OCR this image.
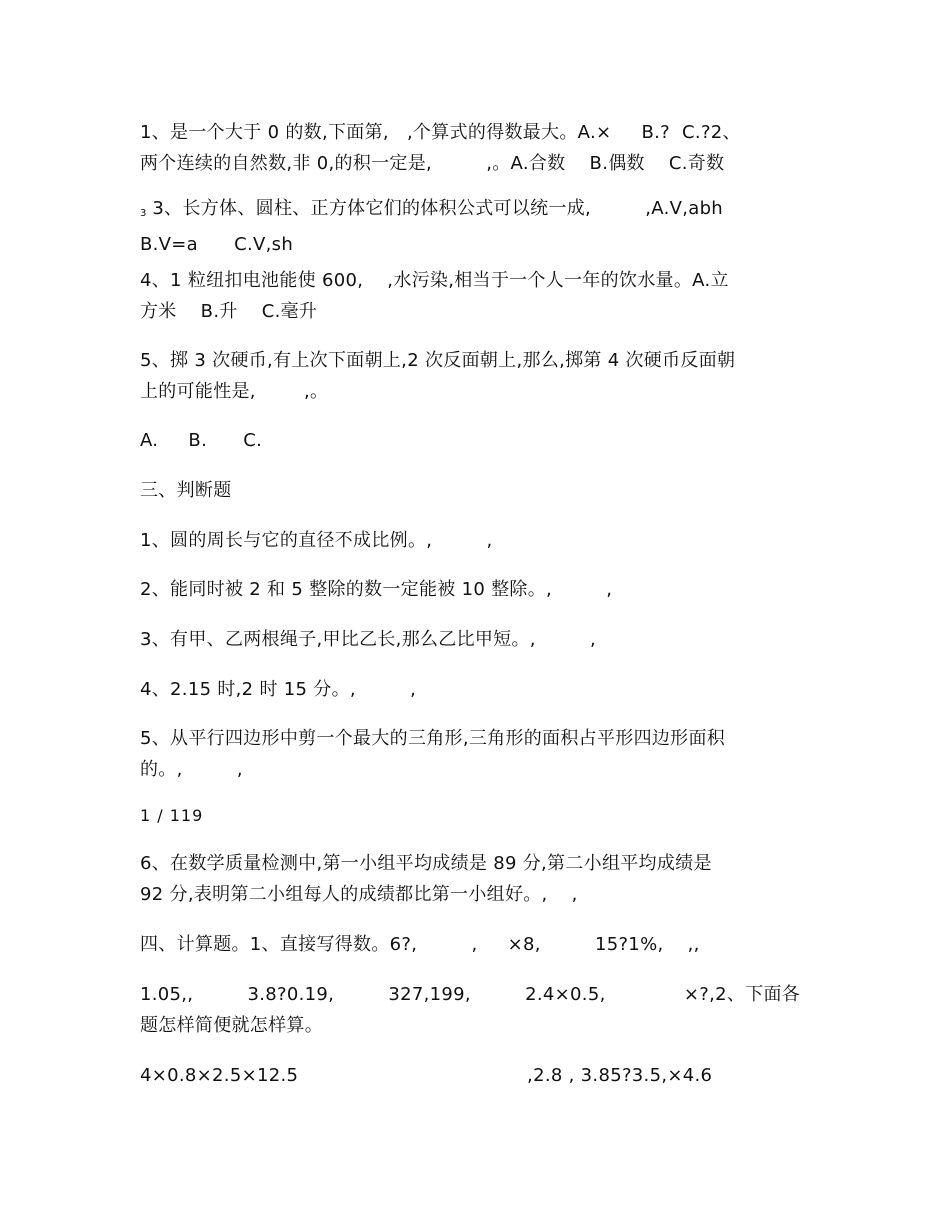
1、是一个大于 0 的数,下面第,   ,个算式的得数最大。A.×     B.?  C.?2、
两个连续的自然数,非 0,的积一定是,         ,。A.合数    B.偶数    C.奇数

3 3、长方体、圆柱、正方体它们的体积公式可以统一成,         ,A.V,abh
B.V=a      C.V,sh

4、1 粒纽扣电池能使 600,    ,水污染,相当于一个人一年的饮水量。A.立
方米    B.升    C.毫升

5、掷 3 次硬币,有上次下面朝上,2 次反面朝上,那么,掷第 4 次硬币反面朝
上的可能性是,        ,。

A.     B.      C.

三、判断题

1、圆的周长与它的直径不成比例。,         ,

2、能同时被 2 和 5 整除的数一定能被 10 整除。,         ,

3、有甲、乙两根绳子,甲比乙长,那么乙比甲短。,         ,

4、2.15 时,2 时 15 分。,         ,

5、从平行四边形中剪一个最大的三角形,三角形的面积占平形四边形面积
的。,         ,

1 / 119

6、在数学质量检测中,第一小组平均成绩是 89 分,第二小组平均成绩是
92 分,表明第二小组每人的成绩都比第一小组好。,    ,

四、计算题。1、直接写得数。6?,         ,     ×8,         15?1%,    ,,

1.05,,         3.8?0.19,         327,199,         2.4×0.5,             ×?,2、下面各
题怎样简便就怎样算。

4×0.8×2.5×12.5                                      ,2.8 , 3.85?3.5,×4.6
